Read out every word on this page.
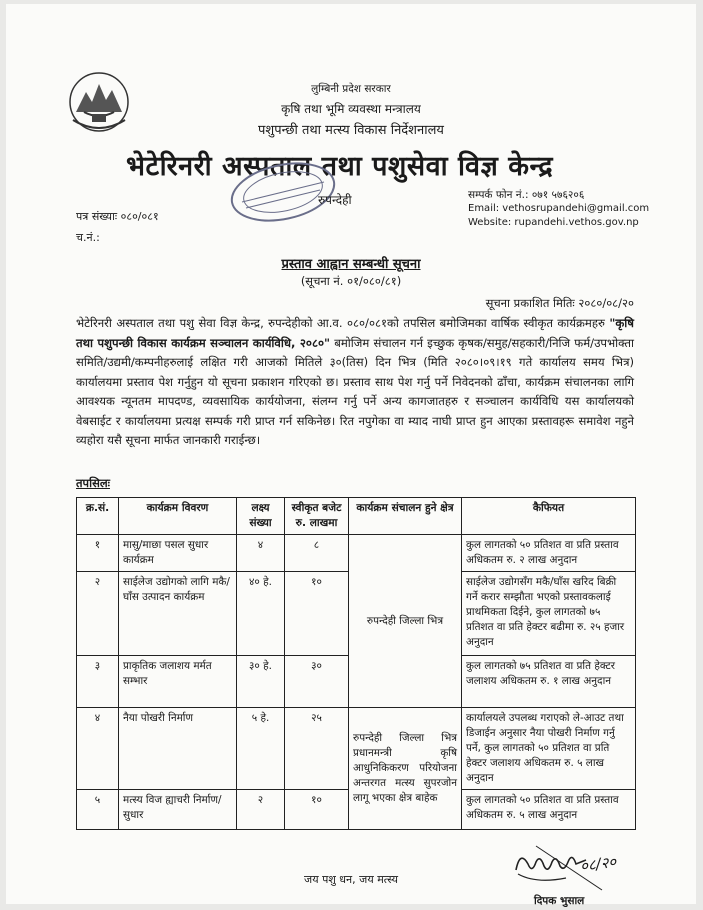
लुम्बिनी प्रदेश सरकार
कृषि तथा भूमि व्यवस्था मन्त्रालय
पशुपन्छी तथा मत्स्य विकास निर्देशनालय
भेटेरिनरी अस्पताल तथा पशुसेवा विज्ञ केन्द्र
रुपन्देही	सम्पर्क फोन नं.: ०७१ ५७६२०६
Email: vethosrupandehi@gmail.com
Website: rupandehi.vethos.gov.np
पत्र संख्याः ०८०/०८१
च.नं.:
प्रस्ताव आह्वान सम्बन्धी सूचना
(सूचना नं. ०१/०८०/८१)
सूचना प्रकाशित मितिः २०८०/०८/२०
भेटेरिनरी अस्पताल तथा पशु सेवा विज्ञ केन्द्र, रुपन्देहीको आ.व. ०८०/०८१को तपसिल बमोजिमका वार्षिक स्वीकृत कार्यक्रमहरु "कृषि तथा पशुपन्छी विकास कार्यक्रम सञ्चालन कार्यविधि, २०८०" बमोजिम संचालन गर्न इच्छुक कृषक/समुह/सहकारी/निजि फर्म/उपभोक्ता समिति/उद्यमी/कम्पनीहरुलाई लक्षित गरी आजको मितिले ३०(तिस) दिन भित्र (मिति २०८०।०९।१९ गते कार्यालय समय भित्र) कार्यालयमा प्रस्ताव पेश गर्नुहुन यो सूचना प्रकाशन गरिएको छ। प्रस्ताव साथ पेश गर्नु पर्ने निवेदनको ढाँचा, कार्यक्रम संचालनका लागि आवश्यक न्यूनतम मापदण्ड, व्यवसायिक कार्ययोजना, संलग्न गर्नु पर्ने अन्य कागजातहरु र सञ्चालन कार्यविधि यस कार्यालयको वेबसाईट र कार्यालयमा प्रत्यक्ष सम्पर्क गरी प्राप्त गर्न सकिनेछ। रित नपुगेका वा म्याद नाघी प्राप्त हुन आएका प्रस्तावहरू समावेश नहुने व्यहोरा यसै सूचना मार्फत जानकारी गराईन्छ।
तपसिलः
क्र.सं.	कार्यक्रम विवरण	लक्ष्य संख्या	स्वीकृत बजेट रु. लाखमा	कार्यक्रम संचालन हुने क्षेत्र	कैफियत
१	मासु/माछा पसल सुधार कार्यक्रम	४	८	रुपन्देही जिल्ला भित्र	कुल लागतको ५० प्रतिशत वा प्रति प्रस्ताव अधिकतम रु. २ लाख अनुदान
२	साईलेज उद्योगको लागि मकै/घाँस उत्पादन कार्यक्रम	४० हे.	१०		साईलेज उद्योगसँग मकै/घाँस खरिद बिक्री गर्ने करार सम्झौता भएको प्रस्तावकलाई प्राथमिकता दिईने, कुल लागतको ७५ प्रतिशत वा प्रति हेक्टर बढीमा रु. २५ हजार अनुदान
३	प्राकृतिक जलाशय मर्मत सम्भार	३० हे.	३०		कुल लागतको ७५ प्रतिशत वा प्रति हेक्टर जलाशय अधिकतम रु. १ लाख अनुदान
४	नैया पोखरी निर्माण	५ हे.	२५	रुपन्देही जिल्ला भित्र प्रधानमन्त्री कृषि आधुनिकिकरण परियोजना अन्तरगत मत्स्य सुपरजोन लागू भएका क्षेत्र बाहेक	कार्यालयले उपलब्ध गराएको ले-आउट तथा डिजाईन अनुसार नैया पोखरी निर्माण गर्नु पर्ने, कुल लागतको ५० प्रतिशत वा प्रति हेक्टर जलाशय अधिकतम रु. ५ लाख अनुदान
५	मत्स्य विज ह्याचरी निर्माण/सुधार	२	१०		कुल लागतको ५० प्रतिशत वा प्रति प्रस्ताव अधिकतम रु. ५ लाख अनुदान
जय पशु धन, जय मत्स्य
०८/२०
दिपक भुसाल
